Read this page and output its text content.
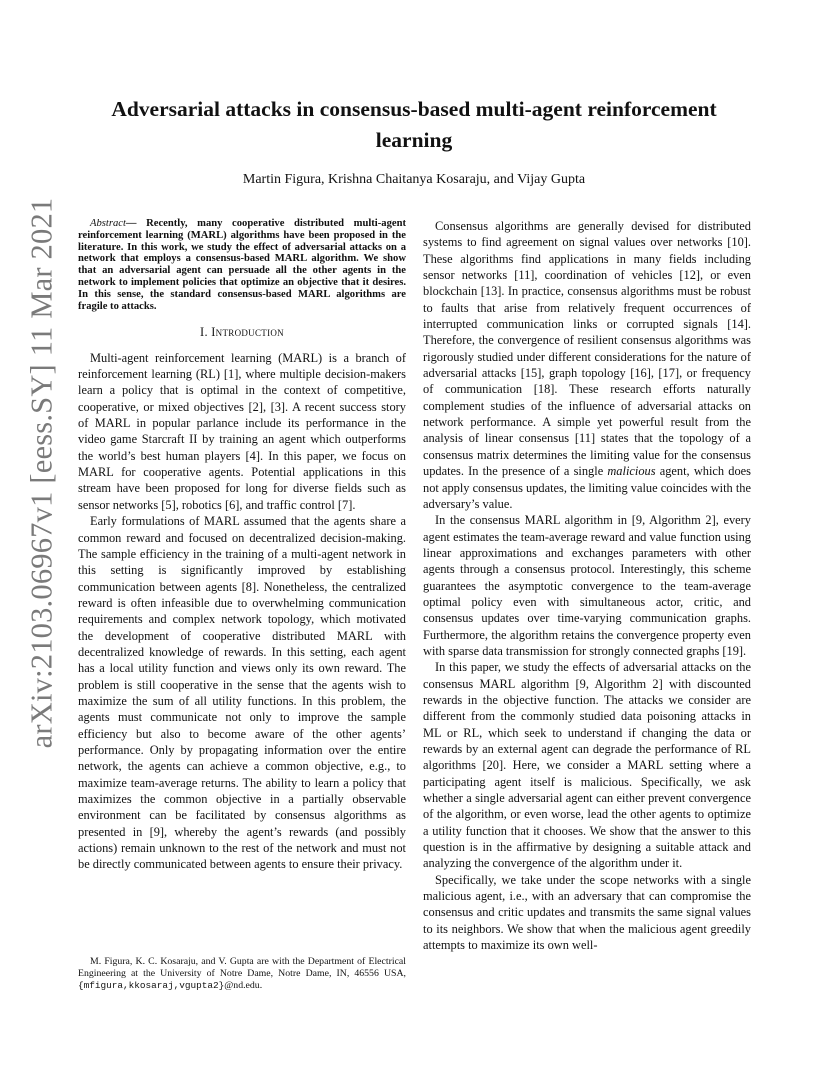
arXiv:2103.06967v1 [eess.SY] 11 Mar 2021
Adversarial attacks in consensus-based multi-agent reinforcement learning
Martin Figura, Krishna Chaitanya Kosaraju, and Vijay Gupta
Abstract— Recently, many cooperative distributed multi-agent reinforcement learning (MARL) algorithms have been proposed in the literature. In this work, we study the effect of adversarial attacks on a network that employs a consensus-based MARL algorithm. We show that an adversarial agent can persuade all the other agents in the network to implement policies that optimize an objective that it desires. In this sense, the standard consensus-based MARL algorithms are fragile to attacks.
I. Introduction

Multi-agent reinforcement learning (MARL) is a branch of reinforcement learning (RL) [1], where multiple decision-makers learn a policy that is optimal in the context of competitive, cooperative, or mixed objectives [2], [3]. A recent success story of MARL in popular parlance include its performance in the video game Starcraft II by training an agent which outperforms the world’s best human players [4]. In this paper, we focus on MARL for cooperative agents. Potential applications in this stream have been proposed for long for diverse fields such as sensor networks [5], robotics [6], and traffic control [7].

Early formulations of MARL assumed that the agents share a common reward and focused on decentralized decision-making. The sample efficiency in the training of a multi-agent network in this setting is significantly improved by establishing communication between agents [8]. Nonetheless, the centralized reward is often infeasible due to overwhelming communication requirements and complex network topology, which motivated the development of cooperative distributed MARL with decentralized knowledge of rewards. In this setting, each agent has a local utility function and views only its own reward. The problem is still cooperative in the sense that the agents wish to maximize the sum of all utility functions. In this problem, the agents must communicate not only to improve the sample efficiency but also to become aware of the other agents’ performance. Only by propagating information over the entire network, the agents can achieve a common objective, e.g., to maximize team-average returns. The ability to learn a policy that maximizes the common objective in a partially observable environment can be facilitated by consensus algorithms as presented in [9], whereby the agent’s rewards (and possibly actions) remain unknown to the rest of the network and must not be directly communicated between agents to ensure their privacy.

M. Figura, K. C. Kosaraju, and V. Gupta are with the Department of Electrical Engineering at the University of Notre Dame, Notre Dame, IN, 46556 USA, {mfigura,kkosaraj,vgupta2}@nd.edu.

Consensus algorithms are generally devised for distributed systems to find agreement on signal values over networks [10]. These algorithms find applications in many fields including sensor networks [11], coordination of vehicles [12], or even blockchain [13]. In practice, consensus algorithms must be robust to faults that arise from relatively frequent occurrences of interrupted communication links or corrupted signals [14]. Therefore, the convergence of resilient consensus algorithms was rigorously studied under different considerations for the nature of adversarial attacks [15], graph topology [16], [17], or frequency of communication [18]. These research efforts naturally complement studies of the influence of adversarial attacks on network performance. A simple yet powerful result from the analysis of linear consensus [11] states that the topology of a consensus matrix determines the limiting value for the consensus updates. In the presence of a single malicious agent, which does not apply consensus updates, the limiting value coincides with the adversary’s value.

In the consensus MARL algorithm in [9, Algorithm 2], every agent estimates the team-average reward and value function using linear approximations and exchanges parameters with other agents through a consensus protocol. Interestingly, this scheme guarantees the asymptotic convergence to the team-average optimal policy even with simultaneous actor, critic, and consensus updates over time-varying communication graphs. Furthermore, the algorithm retains the convergence property even with sparse data transmission for strongly connected graphs [19].

In this paper, we study the effects of adversarial attacks on the consensus MARL algorithm [9, Algorithm 2] with discounted rewards in the objective function. The attacks we consider are different from the commonly studied data poisoning attacks in ML or RL, which seek to understand if changing the data or rewards by an external agent can degrade the performance of RL algorithms [20]. Here, we consider a MARL setting where a participating agent itself is malicious. Specifically, we ask whether a single adversarial agent can either prevent convergence of the algorithm, or even worse, lead the other agents to optimize a utility function that it chooses. We show that the answer to this question is in the affirmative by designing a suitable attack and analyzing the convergence of the algorithm under it.

Specifically, we take under the scope networks with a single malicious agent, i.e., with an adversary that can compromise the consensus and critic updates and transmits the same signal values to its neighbors. We show that when the malicious agent greedily attempts to maximize its own well-
